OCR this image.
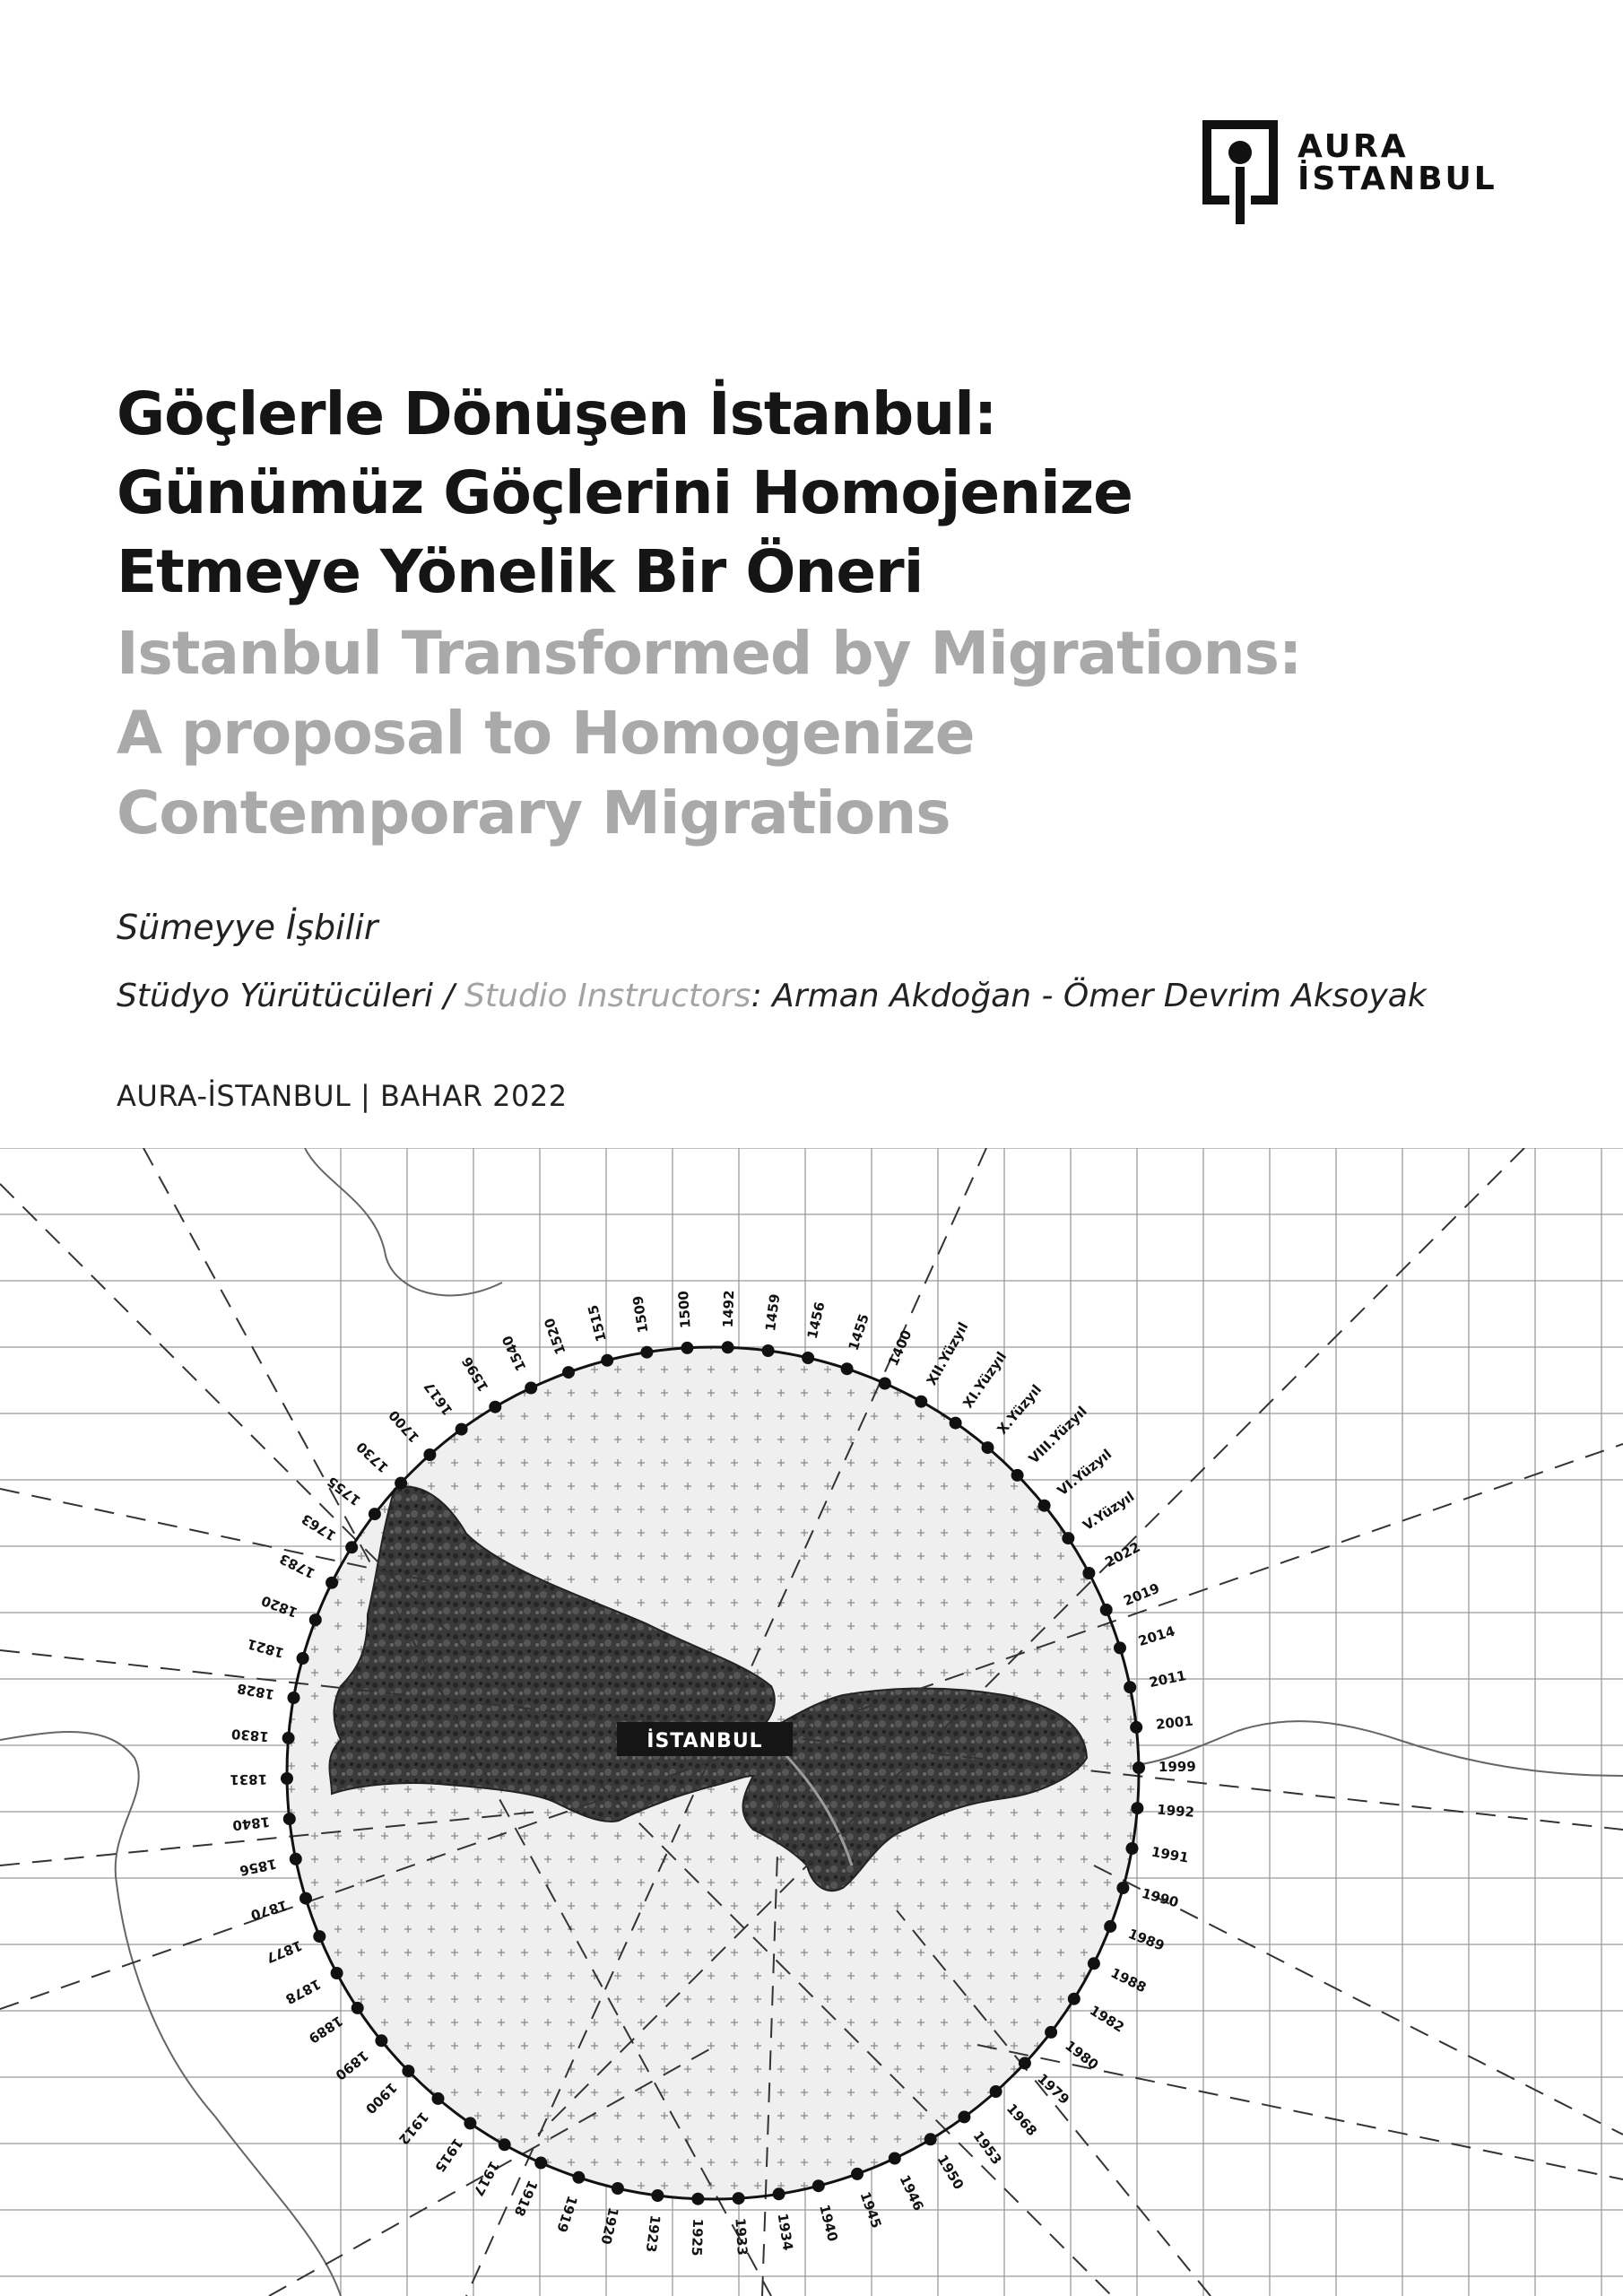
AURA
İSTANBUL

Göçlerle Dönüşen İstanbul:

Günümüz Göçlerini Homojenize

Etmeye Yönelik Bir Öneri

Istanbul Transformed by Migrations:

A proposal to Homogenize

Contemporary Migrations

Sümeyye İşbilir
Stüdyo Yürütücüleri / Studio Instructors: Arman Akdoğan - Ömer Devrim Aksoyak
AURA-İSTANBUL | BAHAR 2022
1492 1459 1456 1455 1400 XII.Yüzyıl
XI.Yüzyıl
X.Yüzyıl
VIII.Yüzyıl
VI.Yüzyıl
V.Yüzyıl
2022
2019
2014
2011
2001
1999
1992
1991
1990
1989
1988
1982
1980
1979
1968
1953
1950
1946
1945
1940
1934
1933
1925
1923
1920
1919
1918
1917
1915
1912
1900
1890
1889
1878
1877
1870
1856
1840
1831
1830
1828
1821
1820
1783
1763
1755
1730
1700
1617
1596
1540 1520 1515 1509 1500
İSTANBUL
